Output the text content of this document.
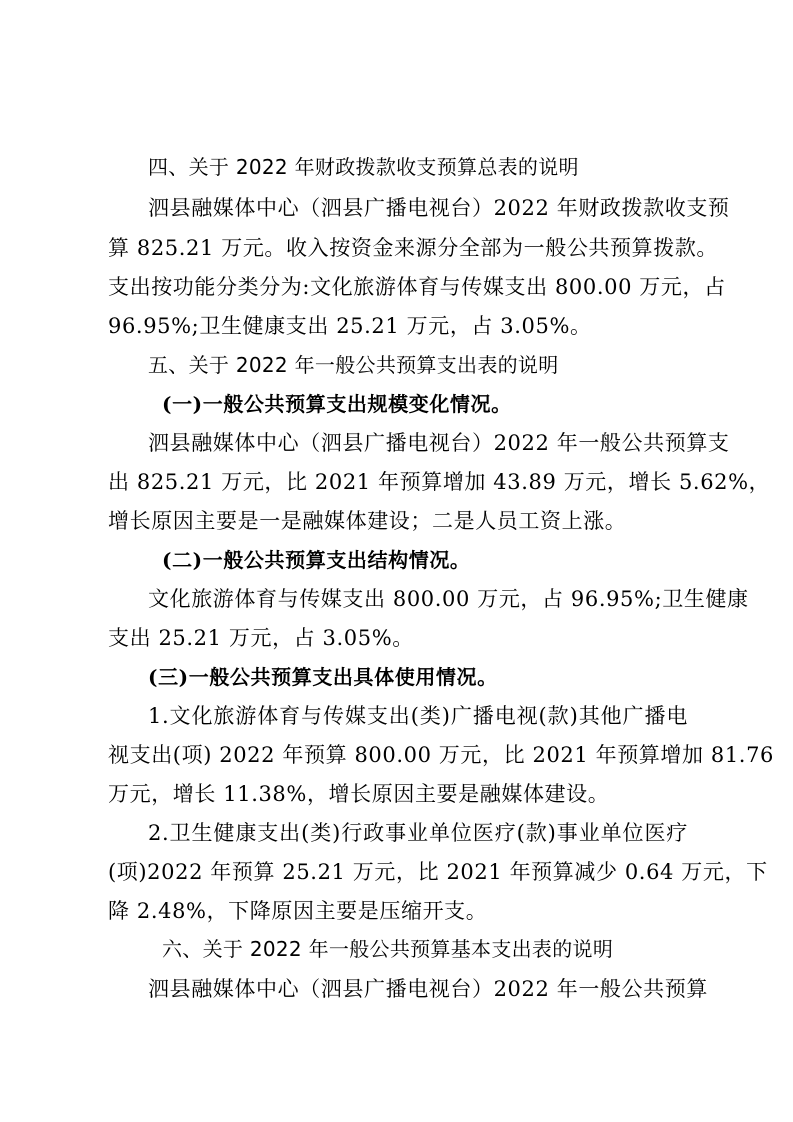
四、关于 2022 年财政拨款收支预算总表的说明
泗县融媒体中心（泗县广播电视台）2022 年财政拨款收支预
算 825.21 万元。收入按资金来源分全部为一般公共预算拨款。
支出按功能分类分为:文化旅游体育与传媒支出 800.00 万元，占
96.95%;卫生健康支出 25.21 万元，占 3.05%。
五、关于 2022 年一般公共预算支出表的说明
(一)一般公共预算支出规模变化情况。
泗县融媒体中心（泗县广播电视台）2022 年一般公共预算支
出 825.21 万元，比 2021 年预算增加 43.89 万元，增长 5.62%，
增长原因主要是一是融媒体建设；二是人员工资上涨。
(二)一般公共预算支出结构情况。
文化旅游体育与传媒支出 800.00 万元，占 96.95%;卫生健康
支出 25.21 万元，占 3.05%。
(三)一般公共预算支出具体使用情况。
1.文化旅游体育与传媒支出(类)广播电视(款)其他广播电
视支出(项) 2022 年预算 800.00 万元，比 2021 年预算增加 81.76
万元，增长 11.38%，增长原因主要是融媒体建设。
2.卫生健康支出(类)行政事业单位医疗(款)事业单位医疗
(项)2022 年预算 25.21 万元，比 2021 年预算减少 0.64 万元，下
降 2.48%，下降原因主要是压缩开支。
六、关于 2022 年一般公共预算基本支出表的说明
泗县融媒体中心（泗县广播电视台）2022 年一般公共预算
